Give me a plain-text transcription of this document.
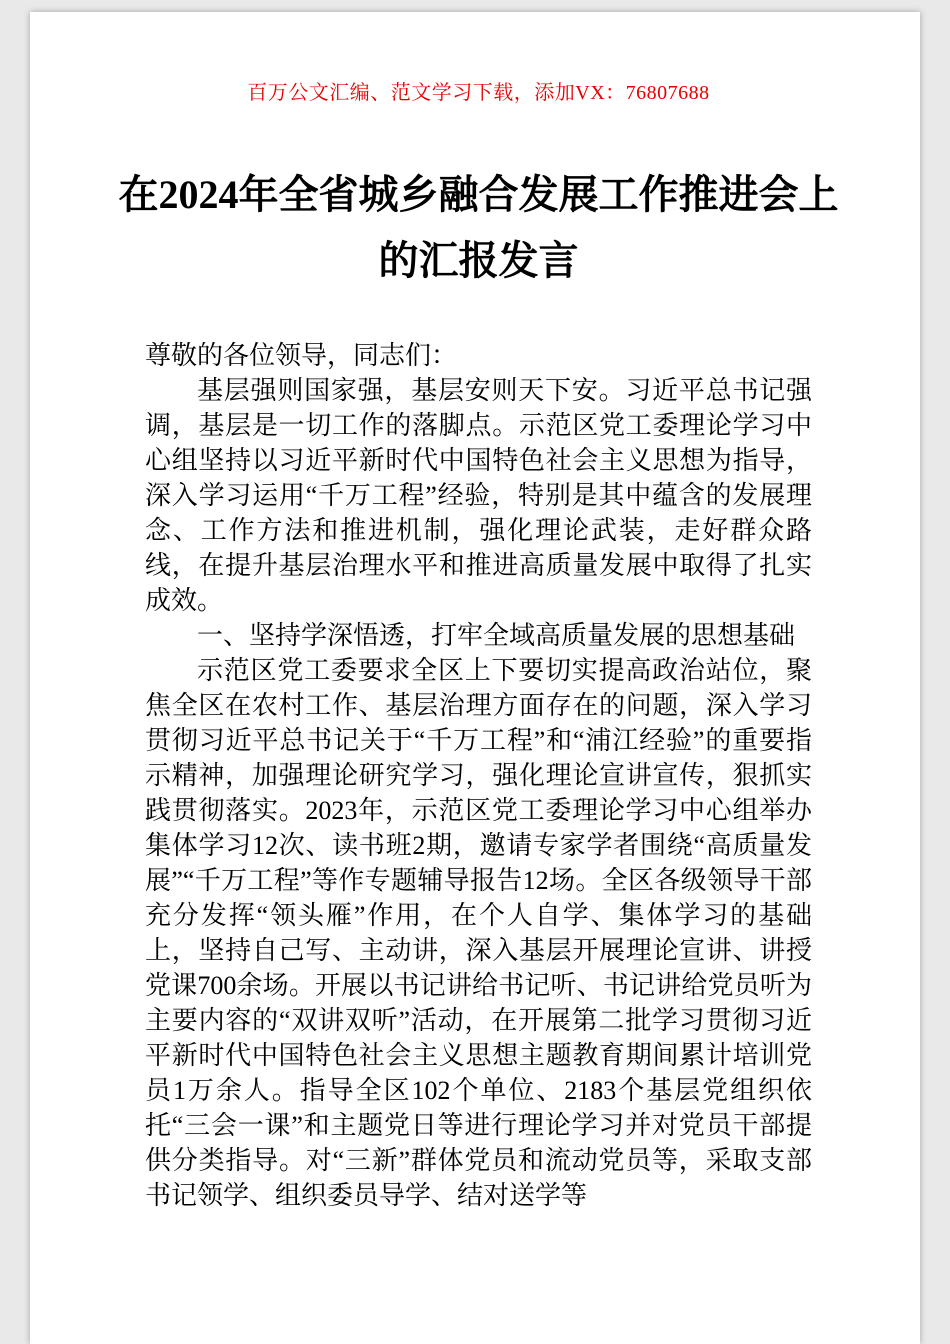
百万公文汇编、范文学习下载，添加VX：76807688
在2024年全省城乡融合发展工作推进会上
的汇报发言

尊敬的各位领导，同志们：

基层强则国家强，基层安则天下安。习近平总书记强调，基层是一切工作的落脚点。示范区党工委理论学习中心组坚持以习近平新时代中国特色社会主义思想为指导，深入学习运用“千万工程”经验，特别是其中蕴含的发展理念、工作方法和推进机制，强化理论武装，走好群众路线，在提升基层治理水平和推进高质量发展中取得了扎实成效。

一、坚持学深悟透，打牢全域高质量发展的思想基础

示范区党工委要求全区上下要切实提高政治站位，聚焦全区在农村工作、基层治理方面存在的问题，深入学习贯彻习近平总书记关于“千万工程”和“浦江经验”的重要指示精神，加强理论研究学习，强化理论宣讲宣传，狠抓实践贯彻落实。2023年，示范区党工委理论学习中心组举办集体学习12次、读书班2期，邀请专家学者围绕“高质量发展”“千万工程”等作专题辅导报告12场。全区各级领导干部充分发挥“领头雁”作用，在个人自学、集体学习的基础上，坚持自己写、主动讲，深入基层开展理论宣讲、讲授党课700余场。开展以书记讲给书记听、书记讲给党员听为主要内容的“双讲双听”活动，在开展第二批学习贯彻习近平新时代中国特色社会主义思想主题教育期间累计培训党员1万余人。指导全区102个单位、2183个基层党组织依托“三会一课”和主题党日等进行理论学习并对党员干部提供分类指导。对“三新”群体党员和流动党员等，采取支部书记领学、组织委员导学、结对送学等
